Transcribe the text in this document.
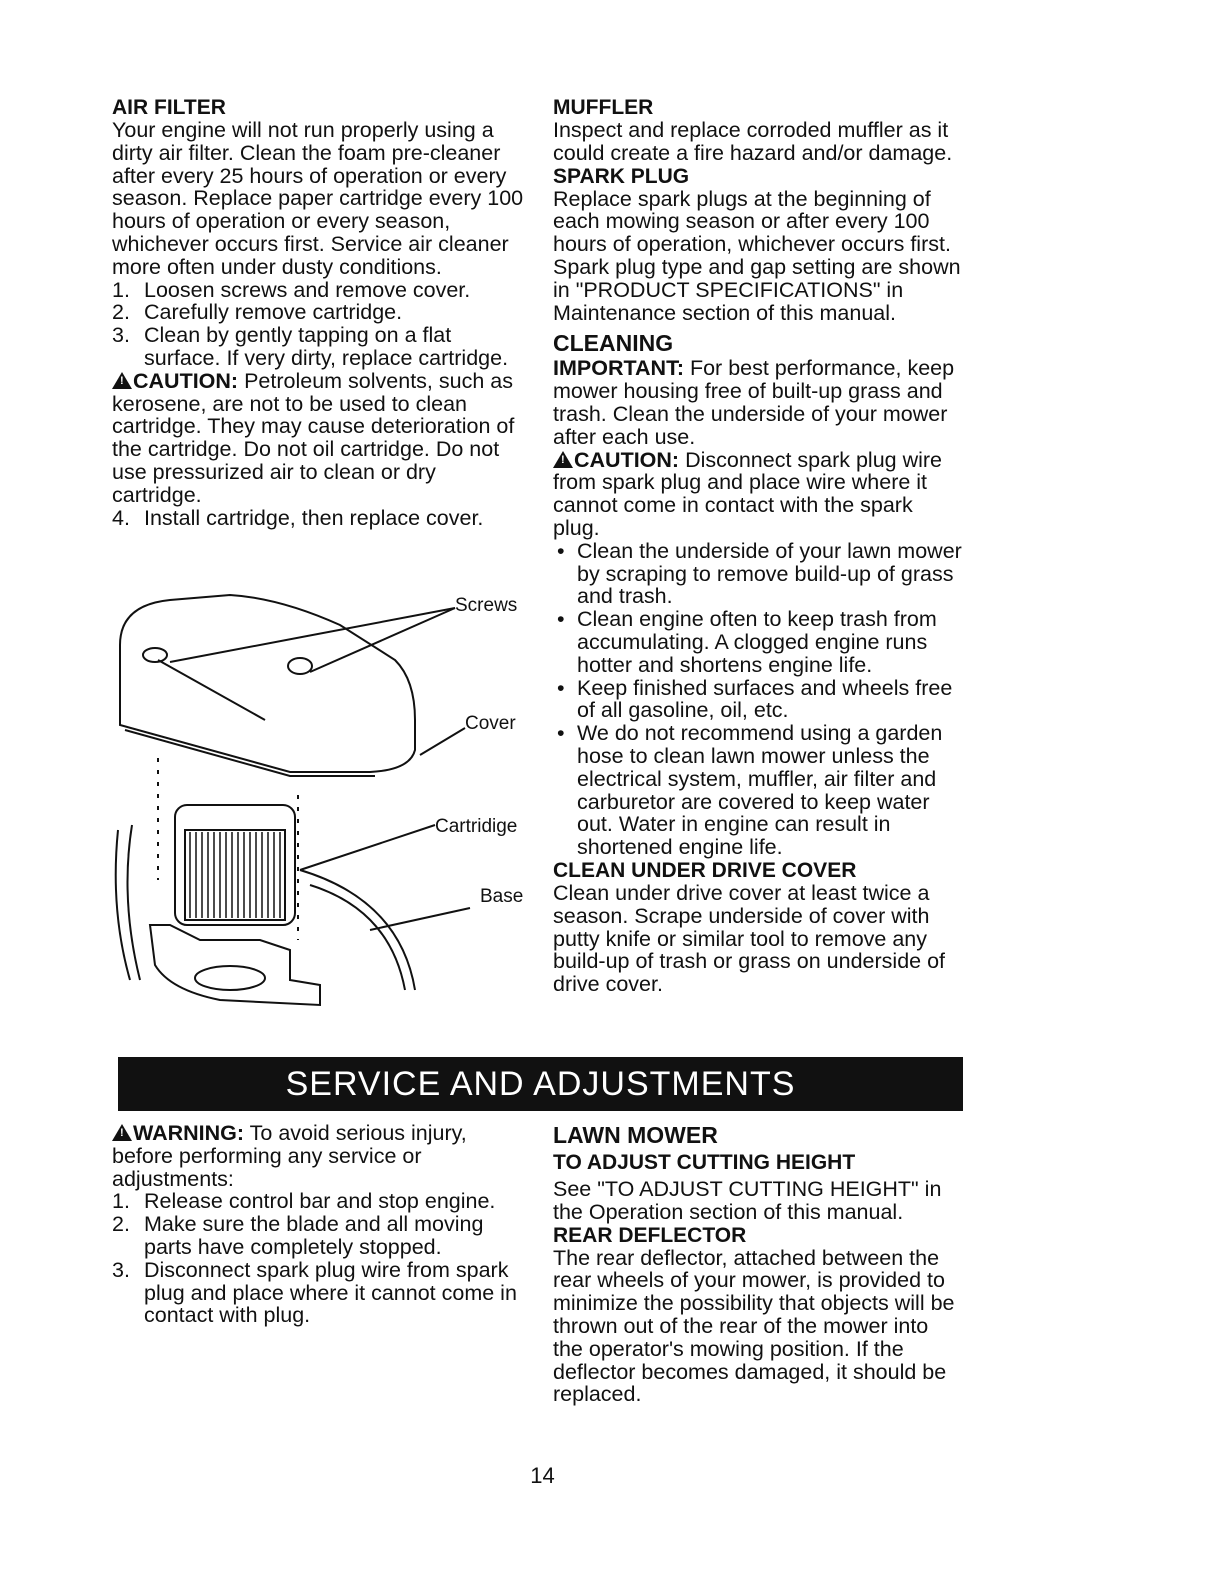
AIR FILTER

Your engine will not run properly using a dirty air filter. Clean the foam pre-cleaner after every 25 hours of operation or every season. Replace paper cartridge every 100 hours of operation or every season, whichever occurs first. Service air cleaner more often under dusty conditions.

1. Loosen screws and remove cover.
2. Carefully remove cartridge.
3. Clean by gently tapping on a flat surface. If very dirty, replace cartridge.

!CAUTION: Petroleum solvents, such as kerosene, are not to be used to clean cartridge. They may cause deterioration of the cartridge. Do not oil cartridge. Do not use pressurized air to clean or dry cartridge.

4. Install cartridge, then replace cover.
Screws
Cover
Cartridige
Base

MUFFLER

Inspect and replace corroded muffler as it could create a fire hazard and/or damage.

SPARK PLUG

Replace spark plugs at the beginning of each mowing season or after every 100 hours of operation, whichever occurs first. Spark plug type and gap setting are shown in "PRODUCT SPECIFICATIONS" in Maintenance section of this manual.

CLEANING

IMPORTANT: For best performance, keep mower housing free of built-up grass and trash. Clean the underside of your mower after each use.

!CAUTION: Disconnect spark plug wire from spark plug and place wire where it cannot come in contact with the spark plug.

• Clean the underside of your lawn mower by scraping to remove build-up of grass and trash.
• Clean engine often to keep trash from accumulating. A clogged engine runs hotter and shortens engine life.
• Keep finished surfaces and wheels free of all gasoline, oil, etc.
• We do not recommend using a garden hose to clean lawn mower unless the electrical system, muffler, air filter and carburetor are covered to keep water out. Water in engine can result in shortened engine life.

CLEAN UNDER DRIVE COVER

Clean under drive cover at least twice a season. Scrape underside of cover with putty knife or similar tool to remove any build-up of trash or grass on underside of drive cover.

SERVICE AND ADJUSTMENTS

!WARNING: To avoid serious injury, before performing any service or adjustments:

1. Release control bar and stop engine.
2. Make sure the blade and all moving parts have completely stopped.
3. Disconnect spark plug wire from spark plug and place where it cannot come in contact with plug.

LAWN MOWER

TO ADJUST CUTTING HEIGHT

See "TO ADJUST CUTTING HEIGHT" in the Operation section of this manual.

REAR DEFLECTOR

The rear deflector, attached between the rear wheels of your mower, is provided to minimize the possibility that objects will be thrown out of the rear of the mower into the operator's mowing position. If the deflector becomes damaged, it should be replaced.

14
